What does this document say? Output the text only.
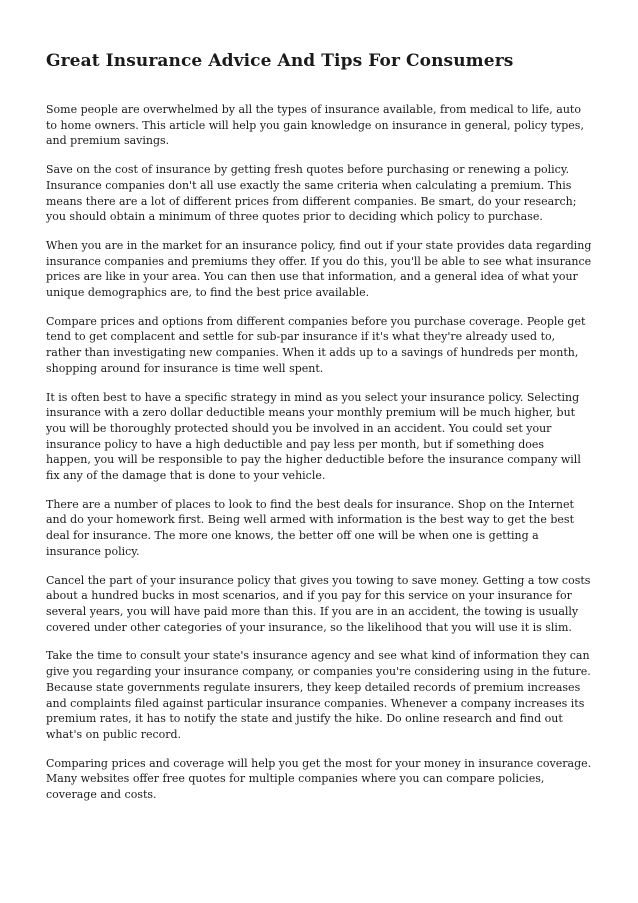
Great Insurance Advice And Tips For Consumers

Some people are overwhelmed by all the types of insurance available, from medical to life, auto to home owners. This article will help you gain knowledge on insurance in general, policy types, and premium savings.

Save on the cost of insurance by getting fresh quotes before purchasing or renewing a policy. Insurance companies don't all use exactly the same criteria when calculating a premium. This means there are a lot of different prices from different companies. Be smart, do your research; you should obtain a minimum of three quotes prior to deciding which policy to purchase.

When you are in the market for an insurance policy, find out if your state provides data regarding insurance companies and premiums they offer. If you do this, you'll be able to see what insurance prices are like in your area. You can then use that information, and a general idea of what your unique demographics are, to find the best price available.

Compare prices and options from different companies before you purchase coverage. People get tend to get complacent and settle for sub-par insurance if it's what they're already used to, rather than investigating new companies. When it adds up to a savings of hundreds per month, shopping around for insurance is time well spent.

It is often best to have a specific strategy in mind as you select your insurance policy. Selecting insurance with a zero dollar deductible means your monthly premium will be much higher, but you will be thoroughly protected should you be involved in an accident. You could set your insurance policy to have a high deductible and pay less per month, but if something does happen, you will be responsible to pay the higher deductible before the insurance company will fix any of the damage that is done to your vehicle.

There are a number of places to look to find the best deals for insurance. Shop on the Internet and do your homework first. Being well armed with information is the best way to get the best deal for insurance. The more one knows, the better off one will be when one is getting a insurance policy.

Cancel the part of your insurance policy that gives you towing to save money. Getting a tow costs about a hundred bucks in most scenarios, and if you pay for this service on your insurance for several years, you will have paid more than this. If you are in an accident, the towing is usually covered under other categories of your insurance, so the likelihood that you will use it is slim.

Take the time to consult your state's insurance agency and see what kind of information they can give you regarding your insurance company, or companies you're considering using in the future. Because state governments regulate insurers, they keep detailed records of premium increases and complaints filed against particular insurance companies. Whenever a company increases its premium rates, it has to notify the state and justify the hike. Do online research and find out what's on public record.

Comparing prices and coverage will help you get the most for your money in insurance coverage. Many websites offer free quotes for multiple companies where you can compare policies, coverage and costs.
